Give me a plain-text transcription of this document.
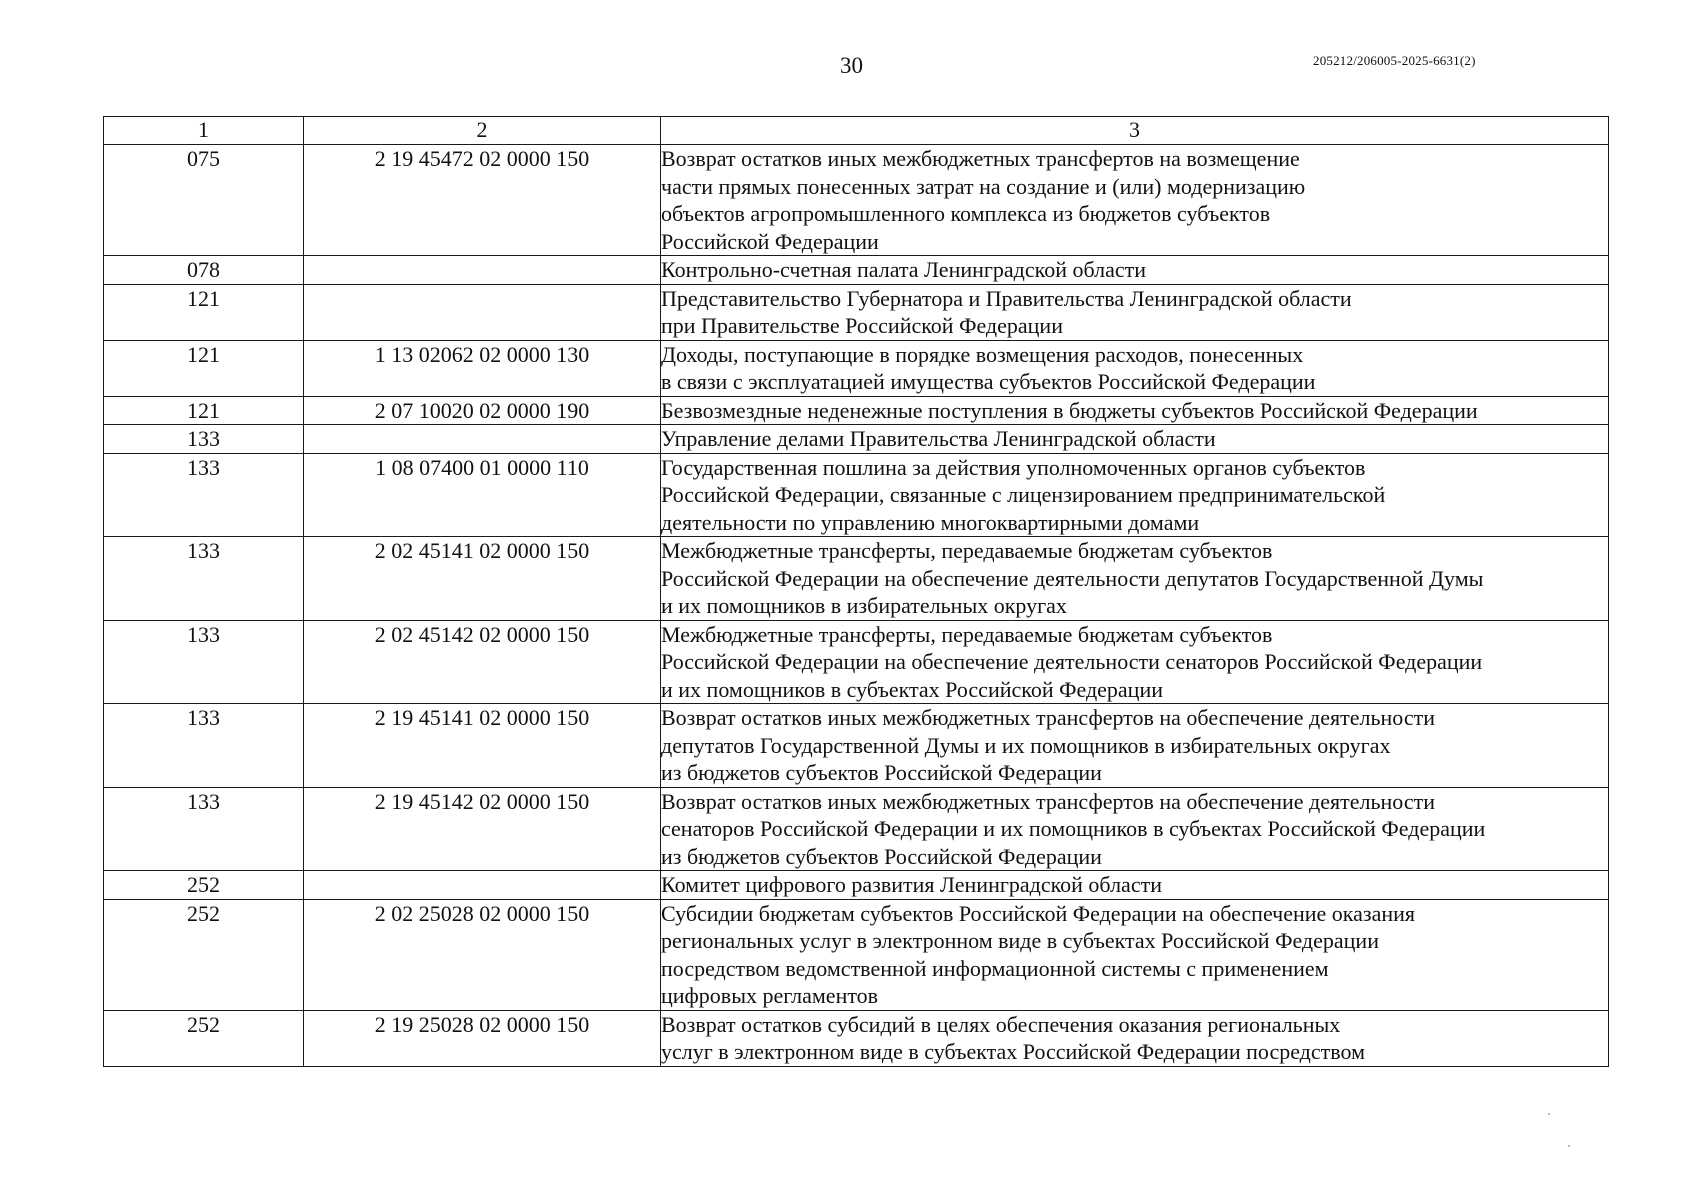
30	205212/206005-2025-6631(2)
1	2	3
075	2 19 45472 02 0000 150	Возврат остатков иных межбюджетных трансфертов на возмещение
части прямых понесенных затрат на создание и (или) модернизацию
объектов агропромышленного комплекса из бюджетов субъектов
Российской Федерации

078		Контрольно-счетная палата Ленинградской области

121		Представительство Губернатора и Правительства Ленинградской области
при Правительстве Российской Федерации

121	1 13 02062 02 0000 130	Доходы, поступающие в порядке возмещения расходов, понесенных
в связи с эксплуатацией имущества субъектов Российской Федерации

121	2 07 10020 02 0000 190	Безвозмездные неденежные поступления в бюджеты субъектов Российской Федерации

133		Управление делами Правительства Ленинградской области

133	1 08 07400 01 0000 110	Государственная пошлина за действия уполномоченных органов субъектов
Российской Федерации, связанные с лицензированием предпринимательской
деятельности по управлению многоквартирными домами

133	2 02 45141 02 0000 150	Межбюджетные трансферты, передаваемые бюджетам субъектов
Российской Федерации на обеспечение деятельности депутатов Государственной Думы
и их помощников в избирательных округах

133	2 02 45142 02 0000 150	Межбюджетные трансферты, передаваемые бюджетам субъектов
Российской Федерации на обеспечение деятельности сенаторов Российской Федерации
и их помощников в субъектах Российской Федерации

133	2 19 45141 02 0000 150	Возврат остатков иных межбюджетных трансфертов на обеспечение деятельности
депутатов Государственной Думы и их помощников в избирательных округах
из бюджетов субъектов Российской Федерации

133	2 19 45142 02 0000 150	Возврат остатков иных межбюджетных трансфертов на обеспечение деятельности
сенаторов Российской Федерации и их помощников в субъектах Российской Федерации
из бюджетов субъектов Российской Федерации

252		Комитет цифрового развития Ленинградской области

252	2 02 25028 02 0000 150	Субсидии бюджетам субъектов Российской Федерации на обеспечение оказания
региональных услуг в электронном виде в субъектах Российской Федерации
посредством ведомственной информационной системы с применением
цифровых регламентов

252	2 19 25028 02 0000 150	Возврат остатков субсидий в целях обеспечения оказания региональных
услуг в электронном виде в субъектах Российской Федерации посредством
